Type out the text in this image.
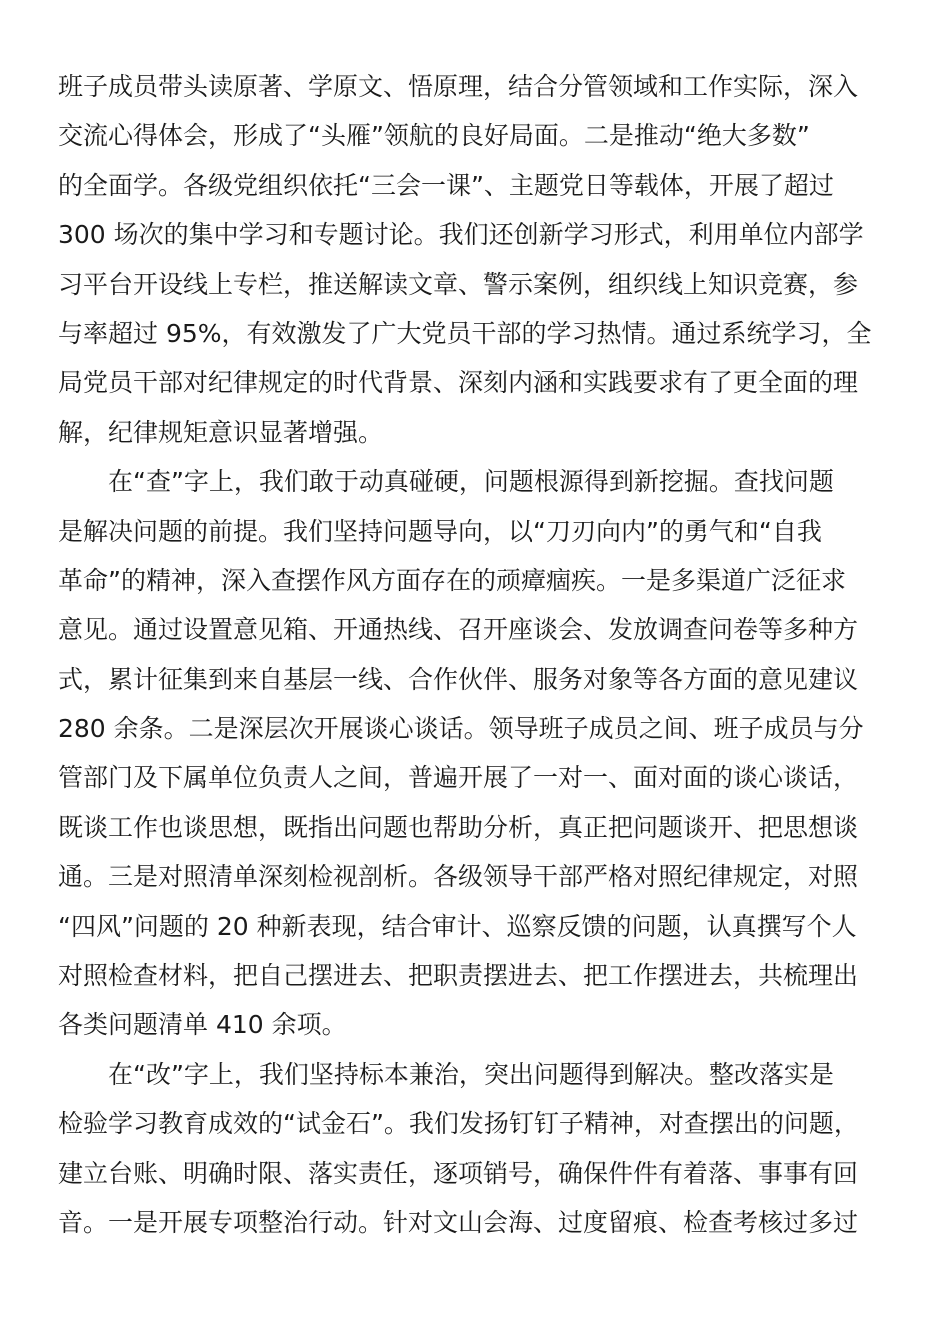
班子成员带头读原著、学原文、悟原理，结合分管领域和工作实际，深入
交流心得体会，形成了“头雁”领航的良好局面。二是推动“绝大多数”
的全面学。各级党组织依托“三会一课”、主题党日等载体，开展了超过
300 场次的集中学习和专题讨论。我们还创新学习形式，利用单位内部学
习平台开设线上专栏，推送解读文章、警示案例，组织线上知识竞赛，参
与率超过 95%，有效激发了广大党员干部的学习热情。通过系统学习，全
局党员干部对纪律规定的时代背景、深刻内涵和实践要求有了更全面的理
解，纪律规矩意识显著增强。
在“查”字上，我们敢于动真碰硬，问题根源得到新挖掘。查找问题
是解决问题的前提。我们坚持问题导向，以“刀刃向内”的勇气和“自我
革命”的精神，深入查摆作风方面存在的顽瘴痼疾。一是多渠道广泛征求
意见。通过设置意见箱、开通热线、召开座谈会、发放调查问卷等多种方
式，累计征集到来自基层一线、合作伙伴、服务对象等各方面的意见建议
280 余条。二是深层次开展谈心谈话。领导班子成员之间、班子成员与分
管部门及下属单位负责人之间，普遍开展了一对一、面对面的谈心谈话，
既谈工作也谈思想，既指出问题也帮助分析，真正把问题谈开、把思想谈
通。三是对照清单深刻检视剖析。各级领导干部严格对照纪律规定，对照
“四风”问题的 20 种新表现，结合审计、巡察反馈的问题，认真撰写个人
对照检查材料，把自己摆进去、把职责摆进去、把工作摆进去，共梳理出
各类问题清单 410 余项。
在“改”字上，我们坚持标本兼治，突出问题得到解决。整改落实是
检验学习教育成效的“试金石”。我们发扬钉钉子精神，对查摆出的问题，
建立台账、明确时限、落实责任，逐项销号，确保件件有着落、事事有回
音。一是开展专项整治行动。针对文山会海、过度留痕、检查考核过多过
